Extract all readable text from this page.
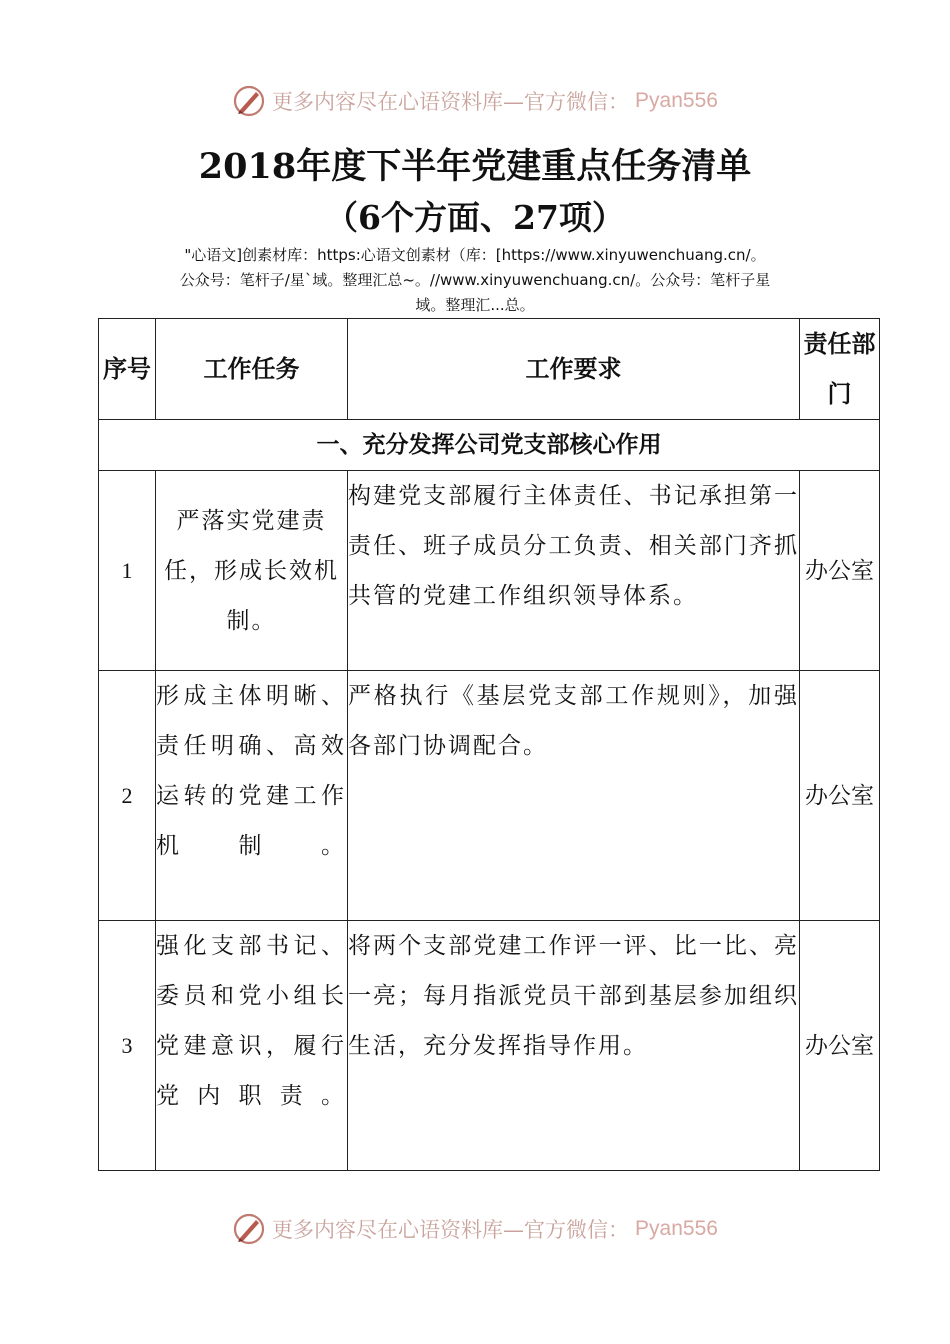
更多内容尽在心语资料库—官方微信： Pyan556
2018年度下半年党建重点任务清单
（6个方面、27项）
"心语文]创素材库：https:心语文创素材（库：[https://www.xinyuwenchuang.cn/。
公众号：笔杆子/星`域。整理汇总~。//www.xinyuwenchuang.cn/。公众号：笔杆子星
域。整理汇...总。
序号	工作任务	工作要求	责任部门
一、充分发挥公司党支部核心作用			
1	严落实党建责任，形成长效机制。	构建党支部履行主体责任、书记承担第一责任、班子成员分工负责、相关部门齐抓共管的党建工作组织领导体系。	办公室
2	形成主体明晰、责任明确、高效运转的党建工作机制。	严格执行《基层党支部工作规则》，加强各部门协调配合。	办公室
3	强化支部书记、委员和党小组长党建意识，履行党内职责。	将两个支部党建工作评一评、比一比、亮一亮；每月指派党员干部到基层参加组织生活，充分发挥指导作用。	办公室
更多内容尽在心语资料库—官方微信： Pyan556
